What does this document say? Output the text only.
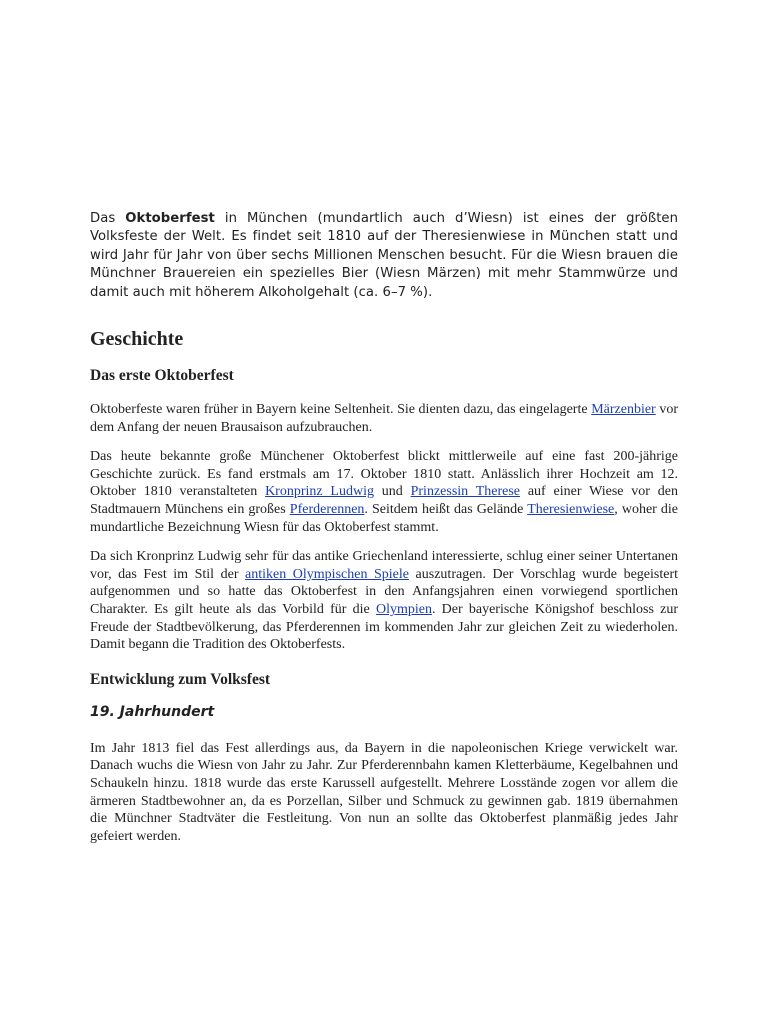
Das Oktoberfest in München (mundartlich auch d’Wiesn) ist eines der größten Volksfeste der Welt. Es findet seit 1810 auf der Theresienwiese in München statt und wird Jahr für Jahr von über sechs Millionen Menschen besucht. Für die Wiesn brauen die Münchner Brauereien ein spezielles Bier (Wiesn Märzen) mit mehr Stammwürze und damit auch mit höherem Alkoholgehalt (ca. 6–7 %).

Geschichte
Das erste Oktoberfest

Oktoberfeste waren früher in Bayern keine Seltenheit. Sie dienten dazu, das eingelagerte Märzenbier vor dem Anfang der neuen Brausaison aufzubrauchen.

Das heute bekannte große Münchener Oktoberfest blickt mittlerweile auf eine fast 200-jährige Geschichte zurück. Es fand erstmals am 17. Oktober 1810 statt. Anlässlich ihrer Hochzeit am 12. Oktober 1810 veranstalteten Kronprinz Ludwig und Prinzessin Therese auf einer Wiese vor den Stadtmauern Münchens ein großes Pferderennen. Seitdem heißt das Gelände Theresienwiese, woher die mundartliche Bezeichnung Wiesn für das Oktoberfest stammt.

Da sich Kronprinz Ludwig sehr für das antike Griechenland interessierte, schlug einer seiner Untertanen vor, das Fest im Stil der antiken Olympischen Spiele auszutragen. Der Vorschlag wurde begeistert aufgenommen und so hatte das Oktoberfest in den Anfangsjahren einen vorwiegend sportlichen Charakter. Es gilt heute als das Vorbild für die Olympien. Der bayerische Königshof beschloss zur Freude der Stadtbevölkerung, das Pferderennen im kommenden Jahr zur gleichen Zeit zu wiederholen. Damit begann die Tradition des Oktoberfests.

Entwicklung zum Volksfest
19. Jahrhundert

Im Jahr 1813 fiel das Fest allerdings aus, da Bayern in die napoleonischen Kriege verwickelt war. Danach wuchs die Wiesn von Jahr zu Jahr. Zur Pferderennbahn kamen Kletterbäume, Kegelbahnen und Schaukeln hinzu. 1818 wurde das erste Karussell aufgestellt. Mehrere Losstände zogen vor allem die ärmeren Stadtbewohner an, da es Porzellan, Silber und Schmuck zu gewinnen gab. 1819 übernahmen die Münchner Stadtväter die Festleitung. Von nun an sollte das Oktoberfest planmäßig jedes Jahr gefeiert werden.
